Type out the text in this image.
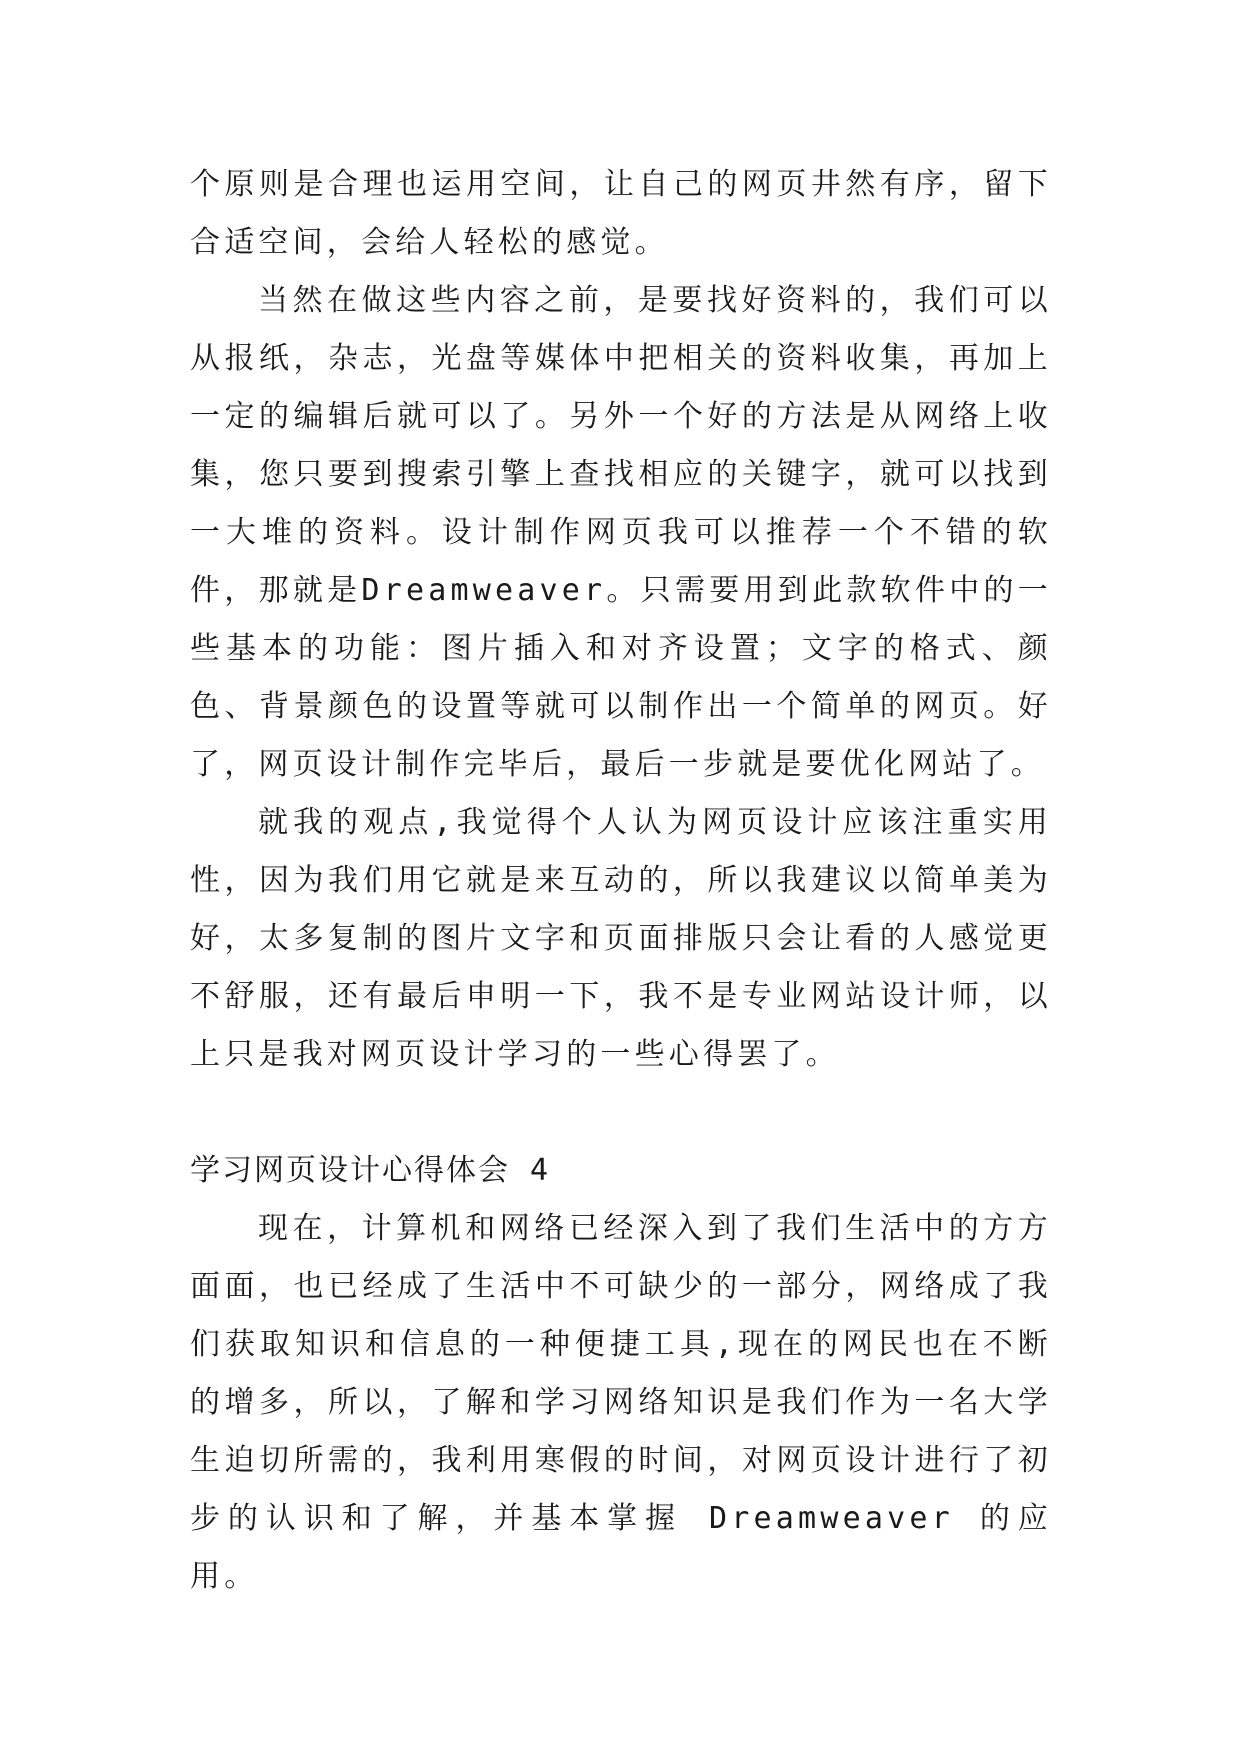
个原则是合理也运用空间，让自己的网页井然有序，留下合适空间，会给人轻松的感觉。

当然在做这些内容之前，是要找好资料的，我们可以从报纸，杂志，光盘等媒体中把相关的资料收集，再加上一定的编辑后就可以了。另外一个好的方法是从网络上收集，您只要到搜索引擎上查找相应的关键字，就可以找到一大堆的资料。设计制作网页我可以推荐一个不错的软件，那就是Dreamweaver。只需要用到此款软件中的一些基本的功能：图片插入和对齐设置；文字的格式、颜色、背景颜色的设置等就可以制作出一个简单的网页。好了，网页设计制作完毕后，最后一步就是要优化网站了。

就我的观点,我觉得个人认为网页设计应该注重实用性，因为我们用它就是来互动的，所以我建议以简单美为好，太多复制的图片文字和页面排版只会让看的人感觉更不舒服，还有最后申明一下，我不是专业网站设计师，以上只是我对网页设计学习的一些心得罢了。

学习网页设计心得体会 4

现在，计算机和网络已经深入到了我们生活中的方方面面，也已经成了生活中不可缺少的一部分，网络成了我们获取知识和信息的一种便捷工具,现在的网民也在不断的增多，所以，了解和学习网络知识是我们作为一名大学生迫切所需的，我利用寒假的时间，对网页设计进行了初步的认识和了解，并基本掌握 Dreamweaver 的应用。
